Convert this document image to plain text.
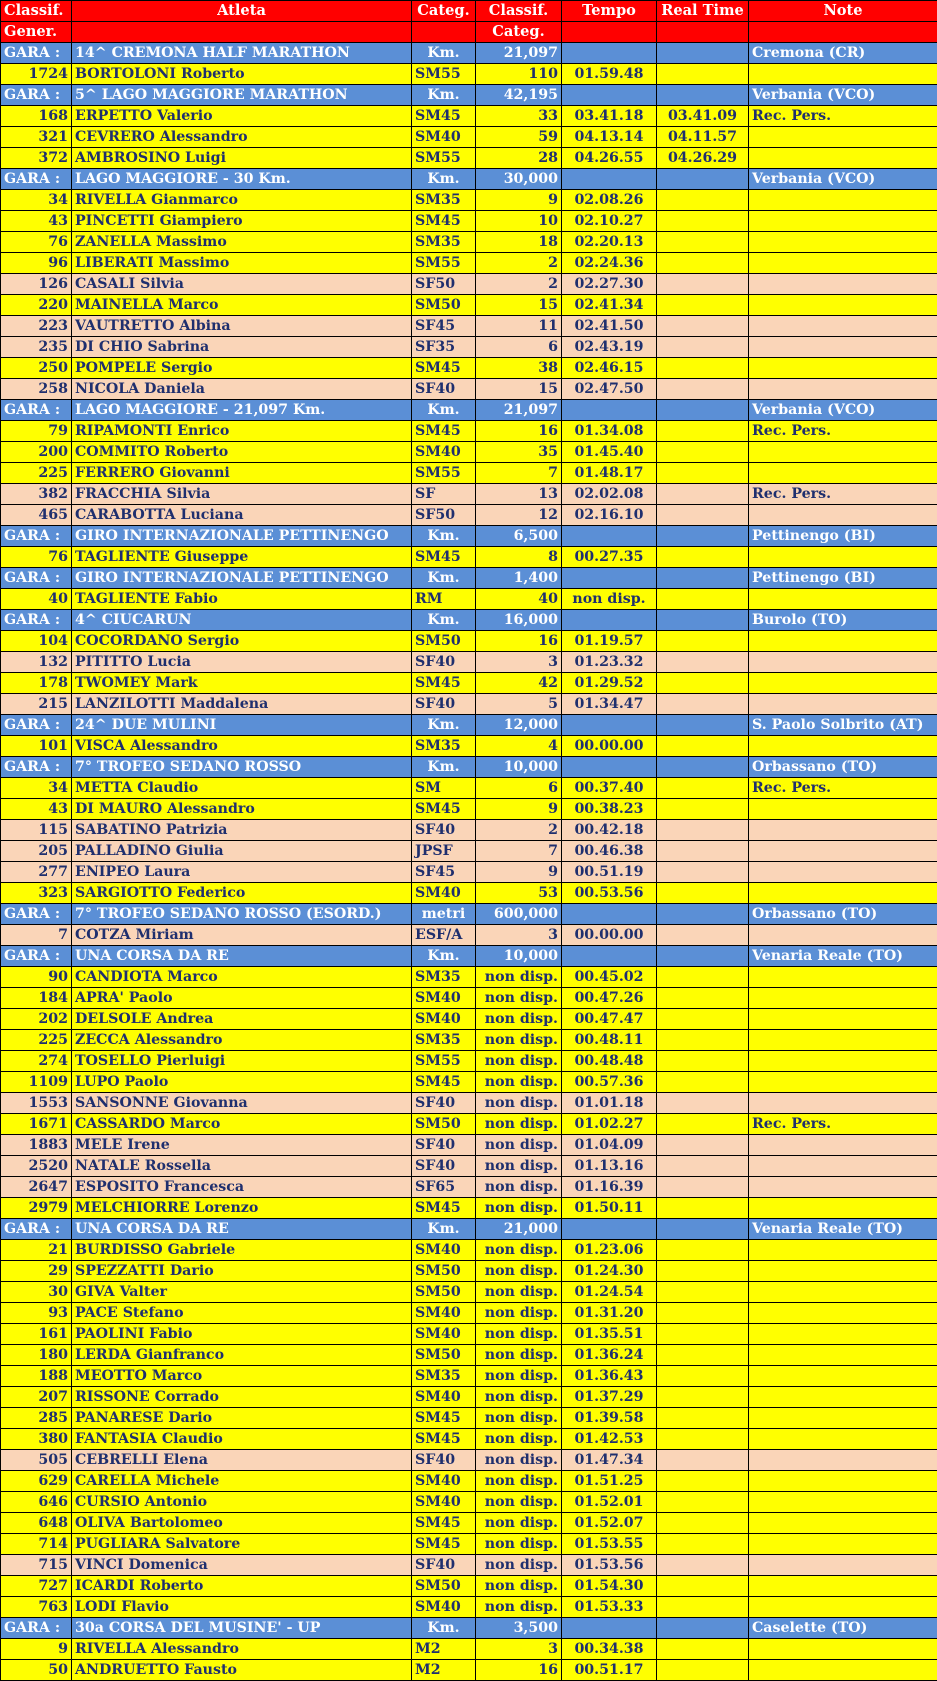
Classif.	Atleta	Categ.	Classif.	Tempo	Real Time	Note
Gener.			Categ.			
GARA :	14^ CREMONA HALF MARATHON	Km.	21,097			Cremona (CR)
1724	BORTOLONI Roberto	SM55	110	01.59.48		
GARA :	5^ LAGO MAGGIORE MARATHON	Km.	42,195			Verbania (VCO)
168	ERPETTO Valerio	SM45	33	03.41.18	03.41.09	Rec. Pers.
321	CEVRERO Alessandro	SM40	59	04.13.14	04.11.57	
372	AMBROSINO Luigi	SM55	28	04.26.55	04.26.29	
GARA :	LAGO MAGGIORE - 30 Km.	Km.	30,000			Verbania (VCO)
34	RIVELLA Gianmarco	SM35	9	02.08.26		
43	PINCETTI Giampiero	SM45	10	02.10.27		
76	ZANELLA Massimo	SM35	18	02.20.13		
96	LIBERATI Massimo	SM55	2	02.24.36		
126	CASALI Silvia	SF50	2	02.27.30		
220	MAINELLA Marco	SM50	15	02.41.34		
223	VAUTRETTO Albina	SF45	11	02.41.50		
235	DI CHIO Sabrina	SF35	6	02.43.19		
250	POMPELE Sergio	SM45	38	02.46.15		
258	NICOLA Daniela	SF40	15	02.47.50		
GARA :	LAGO MAGGIORE - 21,097 Km.	Km.	21,097			Verbania (VCO)
79	RIPAMONTI Enrico	SM45	16	01.34.08		Rec. Pers.
200	COMMITO Roberto	SM40	35	01.45.40		
225	FERRERO Giovanni	SM55	7	01.48.17		
382	FRACCHIA Silvia	SF	13	02.02.08		Rec. Pers.
465	CARABOTTA Luciana	SF50	12	02.16.10		
GARA :	GIRO INTERNAZIONALE PETTINENGO	Km.	6,500			Pettinengo (BI)
76	TAGLIENTE Giuseppe	SM45	8	00.27.35		
GARA :	GIRO INTERNAZIONALE PETTINENGO	Km.	1,400			Pettinengo (BI)
40	TAGLIENTE Fabio	RM	40	non disp.		
GARA :	4^ CIUCARUN	Km.	16,000			Burolo (TO)
104	COCORDANO Sergio	SM50	16	01.19.57		
132	PITITTO Lucia	SF40	3	01.23.32		
178	TWOMEY Mark	SM45	42	01.29.52		
215	LANZILOTTI Maddalena	SF40	5	01.34.47		
GARA :	24^ DUE MULINI	Km.	12,000			S. Paolo Solbrito (AT)
101	VISCA Alessandro	SM35	4	00.00.00		
GARA :	7° TROFEO SEDANO ROSSO	Km.	10,000			Orbassano (TO)
34	METTA Claudio	SM	6	00.37.40		Rec. Pers.
43	DI MAURO Alessandro	SM45	9	00.38.23		
115	SABATINO Patrizia	SF40	2	00.42.18		
205	PALLADINO Giulia	JPSF	7	00.46.38		
277	ENIPEO Laura	SF45	9	00.51.19		
323	SARGIOTTO Federico	SM40	53	00.53.56		
GARA :	7° TROFEO SEDANO ROSSO (ESORD.)	metri	600,000			Orbassano (TO)
7	COTZA Miriam	ESF/A	3	00.00.00		
GARA :	UNA CORSA DA RE	Km.	10,000			Venaria Reale (TO)
90	CANDIOTA Marco	SM35	non disp.	00.45.02		
184	APRA' Paolo	SM40	non disp.	00.47.26		
202	DELSOLE Andrea	SM40	non disp.	00.47.47		
225	ZECCA Alessandro	SM35	non disp.	00.48.11		
274	TOSELLO Pierluigi	SM55	non disp.	00.48.48		
1109	LUPO Paolo	SM45	non disp.	00.57.36		
1553	SANSONNE Giovanna	SF40	non disp.	01.01.18		
1671	CASSARDO Marco	SM50	non disp.	01.02.27		Rec. Pers.
1883	MELE Irene	SF40	non disp.	01.04.09		
2520	NATALE Rossella	SF40	non disp.	01.13.16		
2647	ESPOSITO Francesca	SF65	non disp.	01.16.39		
2979	MELCHIORRE Lorenzo	SM45	non disp.	01.50.11		
GARA :	UNA CORSA DA RE	Km.	21,000			Venaria Reale (TO)
21	BURDISSO Gabriele	SM40	non disp.	01.23.06		
29	SPEZZATTI Dario	SM50	non disp.	01.24.30		
30	GIVA Valter	SM50	non disp.	01.24.54		
93	PACE Stefano	SM40	non disp.	01.31.20		
161	PAOLINI Fabio	SM40	non disp.	01.35.51		
180	LERDA Gianfranco	SM50	non disp.	01.36.24		
188	MEOTTO Marco	SM35	non disp.	01.36.43		
207	RISSONE Corrado	SM40	non disp.	01.37.29		
285	PANARESE Dario	SM45	non disp.	01.39.58		
380	FANTASIA Claudio	SM45	non disp.	01.42.53		
505	CEBRELLI Elena	SF40	non disp.	01.47.34		
629	CARELLA Michele	SM40	non disp.	01.51.25		
646	CURSIO Antonio	SM40	non disp.	01.52.01		
648	OLIVA Bartolomeo	SM45	non disp.	01.52.07		
714	PUGLIARA Salvatore	SM45	non disp.	01.53.55		
715	VINCI Domenica	SF40	non disp.	01.53.56		
727	ICARDI Roberto	SM50	non disp.	01.54.30		
763	LODI Flavio	SM40	non disp.	01.53.33		
GARA :	30a CORSA DEL MUSINE' - UP	Km.	3,500			Caselette (TO)
9	RIVELLA Alessandro	M2	3	00.34.38		
50	ANDRUETTO Fausto	M2	16	00.51.17		
